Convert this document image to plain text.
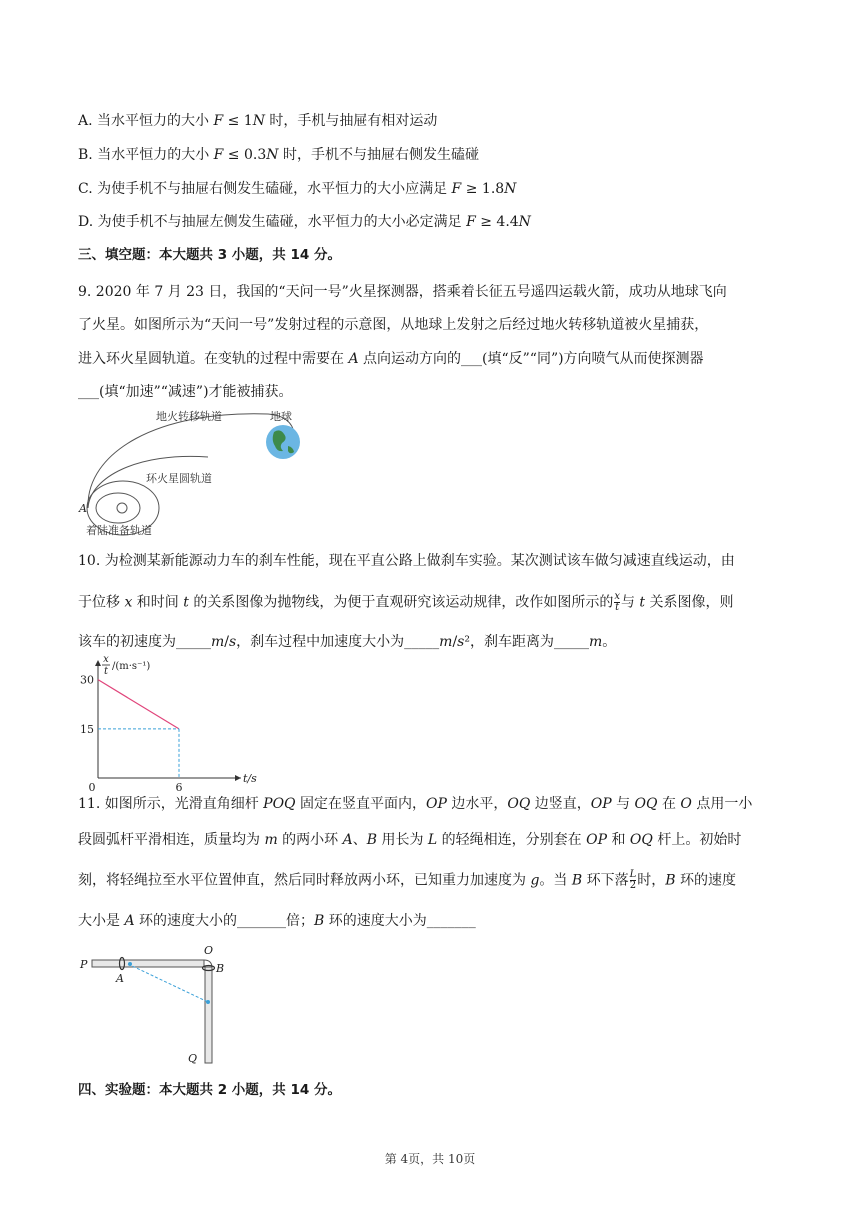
A. 当水平恒力的大小 𝐹 ≤ 1𝑁 时，手机与抽屉有相对运动
B. 当水平恒力的大小 𝐹 ≤ 0.3𝑁 时，手机不与抽屉右侧发生磕碰
C. 为使手机不与抽屉右侧发生磕碰，水平恒力的大小应满足 𝐹 ≥ 1.8𝑁
D. 为使手机不与抽屉左侧发生磕碰，水平恒力的大小必定满足 𝐹 ≥ 4.4𝑁
三、填空题：本大题共 3 小题，共 14 分。
9. 2020 年 7 月 23 日，我国的“天问一号”火星探测器，搭乘着长征五号遥四运载火箭，成功从地球飞向
了火星。如图所示为“天问一号”发射过程的示意图，从地球上发射之后经过地火转移轨道被火星捕获，
进入环火星圆轨道。在变轨的过程中需要在 𝐴 点向运动方向的___(填“反”“同”)方向喷气从而使探测器
___(填“加速”“减速”)才能被捕获。
地火转移轨道	地球
环火星圆轨道
着陆准备轨道
A
10. 为检测某新能源动力车的刹车性能，现在平直公路上做刹车实验。某次测试该车做匀减速直线运动，由
于位移 𝑥 和时间 𝑡 的关系图像为抛物线，为便于直观研究该运动规律，改作如图所示的 𝑥
𝑡 与 𝑡 关系图像，则
该车的初速度为_____𝑚/𝑠，刹车过程中加速度大小为_____𝑚/𝑠²，刹车距离为_____𝑚。
30
15
6
0
t/s
x
t /(m·s⁻¹)
11. 如图所示，光滑直角细杆 𝑃𝑂𝑄 固定在竖直平面内，𝑂𝑃 边水平，𝑂𝑄 边竖直，𝑂𝑃 与 𝑂𝑄 在 𝑂 点用一小
段圆弧杆平滑相连，质量均为 𝑚 的两小环 𝐴、𝐵 用长为 𝐿 的轻绳相连，分别套在 𝑂𝑃 和 𝑂𝑄 杆上。初始时
刻，将轻绳拉至水平位置伸直，然后同时释放两小环，已知重力加速度为 𝑔。当 𝐵 环下落 𝐿
2 时，𝐵 环的速度
大小是 𝐴 环的速度大小的_______倍；𝐵 环的速度大小为_______
P
A
O
B
Q
四、实验题：本大题共 2 小题，共 14 分。
第 4页，共 10页
